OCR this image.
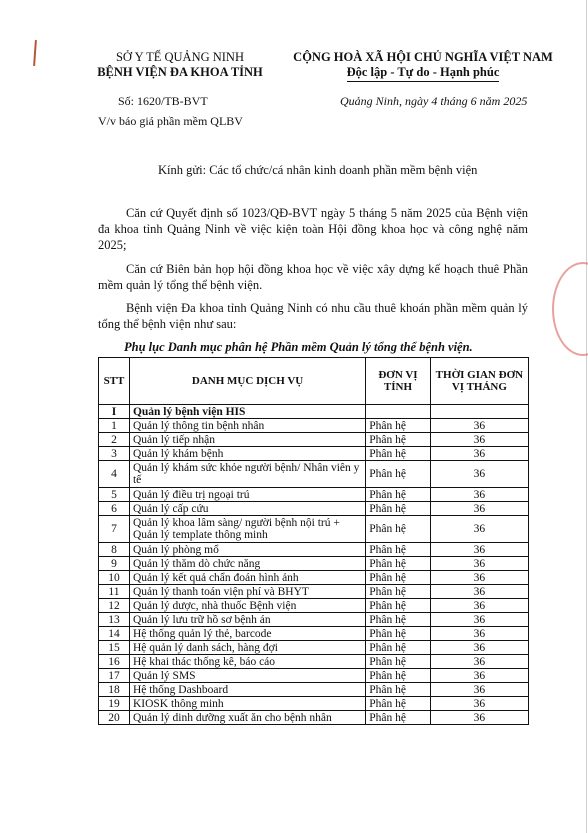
SỞ Y TẾ QUẢNG NINH
BỆNH VIỆN ĐA KHOA TỈNH
CỘNG HOÀ XÃ HỘI CHỦ NGHĨA VIỆT NAM
Độc lập - Tự do - Hạnh phúc
Số: 1620/TB-BVT
V/v báo giá phần mềm QLBV
Quảng Ninh, ngày 4 tháng 6 năm 2025
Kính gửi: Các tổ chức/cá nhân kinh doanh phần mềm bệnh viện
Căn cứ Quyết định số 1023/QĐ-BVT ngày 5 tháng 5 năm 2025 của Bệnh viện đa khoa tỉnh Quảng Ninh về việc kiện toàn Hội đồng khoa học và công nghệ năm 2025;
Căn cứ Biên bản họp hội đồng khoa học về việc xây dựng kế hoạch thuê Phần mềm quản lý tổng thể bệnh viện.
Bệnh viện Đa khoa tỉnh Quảng Ninh có nhu cầu thuê khoán phần mềm quản lý tổng thể bệnh viện như sau:
Phụ lục Danh mục phân hệ Phần mềm Quản lý tổng thể bệnh viện.
STT	DANH MỤC DỊCH VỤ	ĐƠN VỊ TÍNH	THỜI GIAN ĐƠN VỊ THÁNG
I	Quản lý bệnh viện HIS		
1	Quản lý thông tin bệnh nhân	Phân hệ	36
2	Quản lý tiếp nhận	Phân hệ	36
3	Quản lý khám bệnh	Phân hệ	36
4	Quản lý khám sức khỏe người bệnh/ Nhân viên y tế	Phân hệ	36
5	Quản lý điều trị ngoại trú	Phân hệ	36
6	Quản lý cấp cứu	Phân hệ	36
7	Quản lý khoa lâm sàng/ người bệnh nội trú + Quản lý template thông minh	Phân hệ	36
8	Quản lý phòng mổ	Phân hệ	36
9	Quản lý thăm dò chức năng	Phân hệ	36
10	Quản lý kết quả chẩn đoán hình ảnh	Phân hệ	36
11	Quản lý thanh toán viện phí và BHYT	Phân hệ	36
12	Quản lý dược, nhà thuốc Bệnh viện	Phân hệ	36
13	Quản lý lưu trữ hồ sơ bệnh án	Phân hệ	36
14	Hệ thống quản lý thẻ, barcode	Phân hệ	36
15	Hệ quản lý danh sách, hàng đợi	Phân hệ	36
16	Hệ khai thác thống kê, báo cáo	Phân hệ	36
17	Quản lý SMS	Phân hệ	36
18	Hệ thống Dashboard	Phân hệ	36
19	KIOSK thông minh	Phân hệ	36
20	Quản lý dinh dưỡng xuất ăn cho bệnh nhân	Phân hệ	36
